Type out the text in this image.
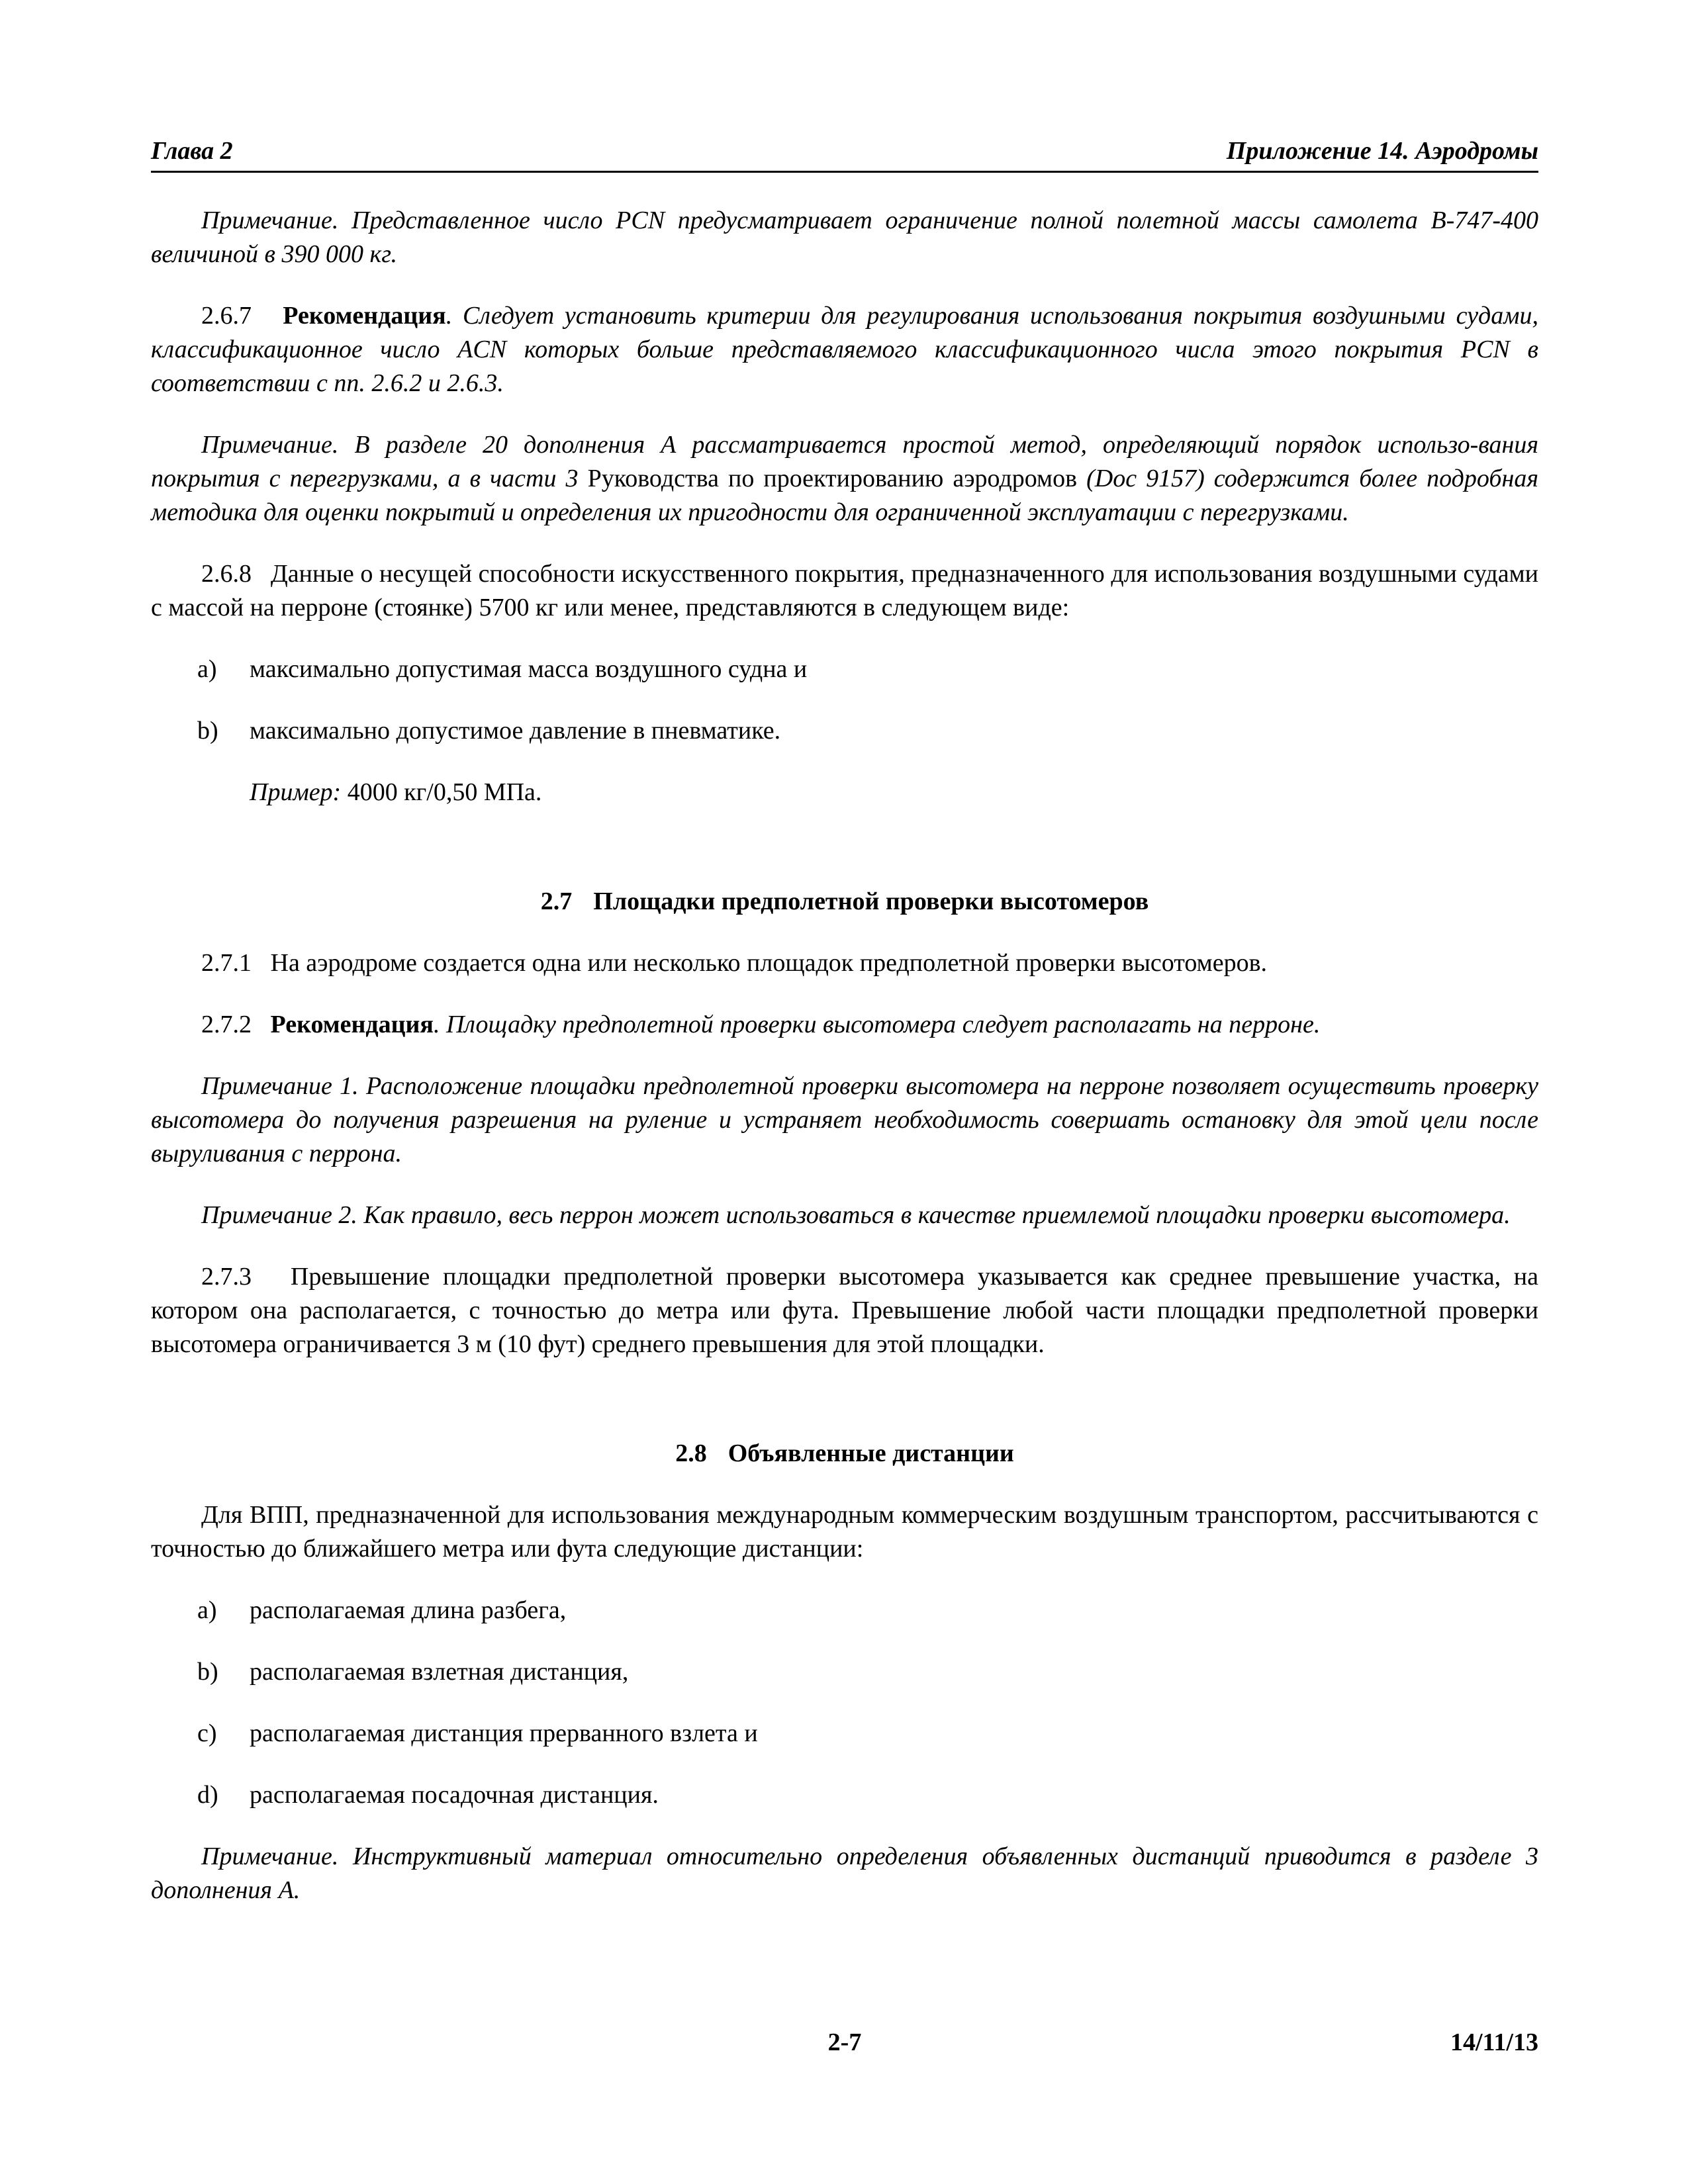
Глава 2	Приложение 14. Аэродромы

Примечание. Представленное число PCN предусматривает ограничение полной полетной массы самолета B-747-400 величиной в 390 000 кг.

2.6.7 Рекомендация. Следует установить критерии для регулирования использования покрытия воздушными судами, классификационное число ACN которых больше представляемого классификационного числа этого покрытия PCN в соответствии с пп. 2.6.2 и 2.6.3.

Примечание. В разделе 20 дополнения А рассматривается простой метод, определяющий порядок использо-вания покрытия с перегрузками, а в части 3 Руководства по проектированию аэродромов (Doc 9157) содержится более подробная методика для оценки покрытий и определения их пригодности для ограниченной эксплуатации с перегрузками.

2.6.8 Данные о несущей способности искусственного покрытия, предназначенного для использования воздушными судами с массой на перроне (стоянке) 5700 кг или менее, представляются в следующем виде:

a) максимально допустимая масса воздушного судна и
b) максимально допустимое давление в пневматике.

Пример: 4000 кг/0,50 МПа.

2.7 Площадки предполетной проверки высотомеров

2.7.1 На аэродроме создается одна или несколько площадок предполетной проверки высотомеров.

2.7.2 Рекомендация. Площадку предполетной проверки высотомера следует располагать на перроне.

Примечание 1. Расположение площадки предполетной проверки высотомера на перроне позволяет осуществить проверку высотомера до получения разрешения на руление и устраняет необходимость совершать остановку для этой цели после выруливания с перрона.

Примечание 2. Как правило, весь перрон может использоваться в качестве приемлемой площадки проверки высотомера.

2.7.3 Превышение площадки предполетной проверки высотомера указывается как среднее превышение участка, на котором она располагается, с точностью до метра или фута. Превышение любой части площадки предполетной проверки высотомера ограничивается 3 м (10 фут) среднего превышения для этой площадки.

2.8 Объявленные дистанции

Для ВПП, предназначенной для использования международным коммерческим воздушным транспортом, рассчитываются с точностью до ближайшего метра или фута следующие дистанции:

a) располагаемая длина разбега,
b) располагаемая взлетная дистанция,
c) располагаемая дистанция прерванного взлета и
d) располагаемая посадочная дистанция.

Примечание. Инструктивный материал относительно определения объявленных дистанций приводится в разделе 3 дополнения А.

2-7	14/11/13
